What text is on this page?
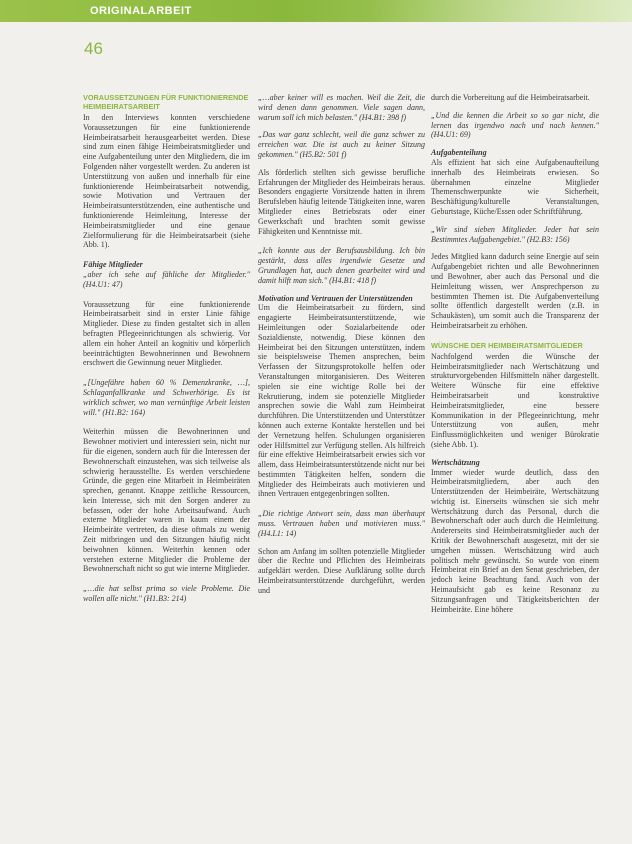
ORIGINALARBEIT
46

VORAUSSETZUNGEN FÜR FUNKTIONIERENDE HEIMBEIRATSARBEIT

In den Interviews konnten verschiedene Voraussetzungen für eine funktionierende Heimbeiratsarbeit herausgearbeitet werden. Diese sind zum einen fähige Heimbeiratsmitglieder und eine Aufgabenteilung unter den Mitgliedern, die im Folgenden näher vorgestellt werden. Zu anderen ist Unterstützung von außen und innerhalb für eine funktionierende Heimbeiratsarbeit notwendig, sowie Motivation und Vertrauen der Heimbeiratsunterstützenden, eine authentische und funktionierende Heimleitung, Interesse der Heimbeiratsmitglieder und eine genaue Zielformulierung für die Heimbeiratsarbeit (siehe Abb. 1).

Fähige Mitglieder

„aber ich sehe auf fähliche der Mitglieder." (H4.U1: 47)

Voraussetzung für eine funktionierende Heimbeiratsarbeit sind in erster Linie fähige Mitglieder. Diese zu finden gestaltet sich in allen befragten Pflegeeinrichtungen als schwierig. Vor allem ein hoher Anteil an kognitiv und körperlich beeinträchtigten Bewohnerinnen und Bewohnern erschwert die Gewinnung neuer Mitglieder.

„[Ungefähre haben 60 % Demenzkranke, …], Schlaganfallkranke und Schwerhörige. Es ist wirklich schwer, wo man vernünftige Arbeit leisten will." (H1.B2: 164)

Weiterhin müssen die Bewohnerinnen und Bewohner motiviert und interessiert sein, nicht nur für die eigenen, sondern auch für die Interessen der Bewohnerschaft einzustehen, was sich teilweise als schwierig herausstellte. Es werden verschiedene Gründe, die gegen eine Mitarbeit in Heimbeiräten sprechen, genannt. Knappe zeitliche Ressourcen, kein Interesse, sich mit den Sorgen anderer zu befassen, oder der hohe Arbeitsaufwand. Auch externe Mitglieder waren in kaum einem der Heimbeiräte vertreten, da diese oftmals zu wenig Zeit mitbringen und den Sitzungen häufig nicht beiwohnen können. Weiterhin kennen oder verstehen externe Mitglieder die Probleme der Bewohnerschaft nicht so gut wie interne Mitglieder.

„…die hat selbst prima so viele Probleme. Die wollen alle nicht." (H1.B3: 214)

„…aber keiner will es machen. Weil die Zeit, die wird denen dann genommen. Viele sagen dann, warum soll ich mich belasten." (H4.B1: 398 f)

„Das war ganz schlecht, weil die ganz schwer zu erreichen war. Die ist auch zu keiner Sitzung gekommen." (H5.B2: 501 f)

Als förderlich stellten sich gewisse berufliche Erfahrungen der Mitglieder des Heimbeirats heraus. Besonders engagierte Vorsitzende hatten in ihrem Berufsleben häufig leitende Tätigkeiten inne, waren Mitglieder eines Betriebsrats oder einer Gewerkschaft und brachten somit gewisse Fähigkeiten und Kenntnisse mit.

„Ich konnte aus der Berufsausbildung. Ich bin gestärkt, dass alles irgendwie Gesetze und Grundlagen hat, auch denen gearbeitet wird und damit hilft man sich." (H4.B1: 418 f)

Motivation und Vertrauen der Unterstützenden

Um die Heimbeiratsarbeit zu fördern, sind engagierte Heimbeiratsunterstützende, wie Heimleitungen oder Sozialarbeitende oder Sozialdienste, notwendig. Diese können den Heimbeirat bei den Sitzungen unterstützen, indem sie beispielsweise Themen ansprechen, beim Verfassen der Sitzungsprotokolle helfen oder Veranstaltungen mitorganisieren. Des Weiteren spielen sie eine wichtige Rolle bei der Rekrutierung, indem sie potenzielle Mitglieder ansprechen sowie die Wahl zum Heimbeirat durchführen. Die Unterstützenden und Unterstützer können auch externe Kontakte herstellen und bei der Vernetzung helfen. Schulungen organisieren oder Hilfsmittel zur Verfügung stellen. Als hilfreich für eine effektive Heimbeiratsarbeit erwies sich vor allem, dass Heimbeiratsunterstützende nicht nur bei bestimmten Tätigkeiten helfen, sondern die Mitglieder des Heimbeirats auch motivieren und ihnen Vertrauen entgegenbringen sollten.

„Die richtige Antwort sein, dass man überhaupt muss. Vertrauen haben und motivieren muss." (H4.L1: 14)

Schon am Anfang im sollten potenzielle Mitglieder über die Rechte und Pflichten des Heimbeirats aufgeklärt werden. Diese Aufklärung sollte durch Heimbeiratsunterstützende durchgeführt, werden und

durch die Vorbereitung auf die Heimbeiratsarbeit.

„Und die kennen die Arbeit so so gar nicht, die lernen das irgendwo nach und nach kennen." (H4.U1: 69)

Aufgabenteilung

Als effizient hat sich eine Aufgabenaufteilung innerhalb des Heimbeirats erwiesen. So übernahmen einzelne Mitglieder Themenschwerpunkte wie Sicherheit, Beschäftigung/kulturelle Veranstaltungen, Geburtstage, Küche/Essen oder Schriftführung.

„Wir sind sieben Mitglieder. Jeder hat sein Bestimmtes Aufgabengebiet." (H2.B3: 156)

Jedes Mitglied kann dadurch seine Energie auf sein Aufgabengebiet richten und alle Bewohnerinnen und Bewohner, aber auch das Personal und die Heimleitung wissen, wer Ansprechperson zu bestimmten Themen ist. Die Aufgabenverteilung sollte öffentlich dargestellt werden (z.B. in Schaukästen), um somit auch die Transparenz der Heimbeiratsarbeit zu erhöhen.

WÜNSCHE DER HEIMBEIRATSMITGLIEDER

Nachfolgend werden die Wünsche der Heimbeiratsmitglieder nach Wertschätzung und strukturvorgebenden Hilfsmitteln näher dargestellt. Weitere Wünsche für eine effektive Heimbeiratsarbeit und konstruktive Heimbeiratsmitglieder, eine bessere Kommunikation in der Pflegeeinrichtung, mehr Unterstützung von außen, mehr Einflussmöglichkeiten und weniger Bürokratie (siehe Abb. 1).

Wertschätzung

Immer wieder wurde deutlich, dass den Heimbeiratsmitgliedern, aber auch den Unterstützenden der Heimbeiräte, Wertschätzung wichtig ist. Einerseits wünschen sie sich mehr Wertschätzung durch das Personal, durch die Bewohnerschaft oder auch durch die Heimleitung. Andererseits sind Heimbeiratsmitglieder auch der Kritik der Bewohnerschaft ausgesetzt, mit der sie umgehen müssen. Wertschätzung wird auch politisch mehr gewünscht. So wurde von einem Heimbeirat ein Brief an den Senat geschrieben, der jedoch keine Beachtung fand. Auch von der Heimaufsicht gab es keine Resonanz zu Sitzungsanfragen und Tätigkeitsberichten der Heimbeiräte. Eine höhere
